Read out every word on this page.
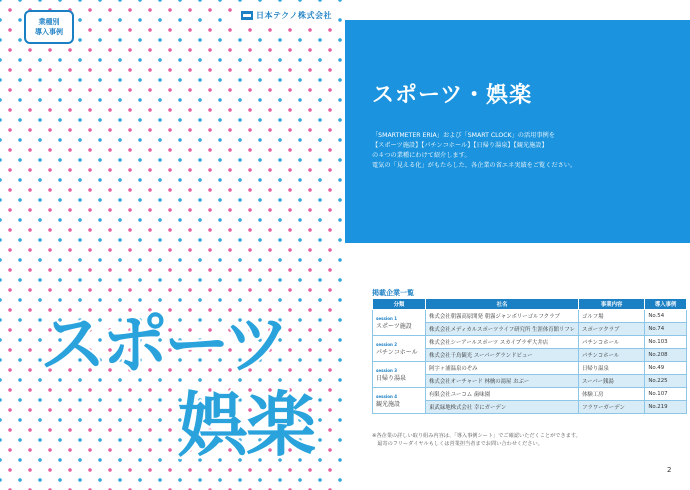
業種別
導入事例
日本テクノ株式会社
スポーツ
娯楽
スポーツ・娯楽
「SMARTMETER ERIA」および「SMART CLOCK」の活用事例を
【スポーツ施設】【パチンコホール】【日帰り湯泉】【観光施設】
の４つの業種にわけて紹介します。
電気の「見える化」がもたらした、各企業の省エネ実績をご覧ください。
掲載企業一覧
分類	社名	事業内容	導入事例

session 1
スポーツ施設	株式会社朝霧高原開発 朝霧ジャンボリーゴルフクラブ	ゴルフ場	No.54
	株式会社メディカルスポーツライフ研究所 生涯体育館リフレ	スポーツクラブ	No.74

session 2
パチンコホール	株式会社シーアールスポーツ スカイプラザ大井店	パチンコホール	No.103
	株式会社千鳥観光 スーパーグランドビュー	パチンコホール	No.208

session 3
日帰り湯泉	阿字ヶ浦温泉のぞみ	日帰り温泉	No.49
	株式会社オーチャード 林檎の湯屋 おぶー	スーパー銭湯	No.225

session 4
観光施設	有限会社ユーコム 歯味園	体験工房	No.107
	東武緑地株式会社 幸にガーデン	フラワーガーデン	No.219
※各企業の詳しい取り組み内容は、「導入事例シート」でご確認いただくことができます。
　最寄のフリーダイヤルもしくは営業担当者までお問い合わせください。
2
